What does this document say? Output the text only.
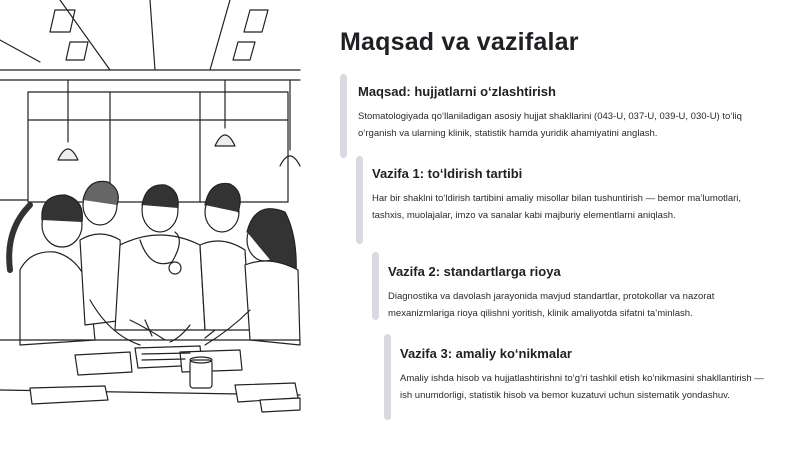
Maqsad va vazifalar
Maqsad: hujjatlarni o‘zlashtirish

Stomatologiyada qo‘llaniladigan asosiy hujjat shakllarini (043-U, 037-U, 039-U, 030-U) to‘liq o‘rganish va ularning klinik, statistik hamda yuridik ahamiyatini anglash.

Vazifa 1: to‘ldirish tartibi

Har bir shaklni to‘ldirish tartibini amaliy misollar bilan tushuntirish — bemor ma’lumotlari, tashxis, muolajalar, imzo va sanalar kabi majburiy elementlarni aniqlash.

Vazifa 2: standartlarga rioya

Diagnostika va davolash jarayonida mavjud standartlar, protokollar va nazorat mexanizmlariga rioya qilishni yoritish, klinik amaliyotda sifatni ta’minlash.

Vazifa 3: amaliy ko‘nikmalar

Amaliy ishda hisob va hujjatlashtirishni to‘g‘ri tashkil etish ko‘nikmasini shakllantirish — ish unumdorligi, statistik hisob va bemor kuzatuvi uchun sistematik yondashuv.
